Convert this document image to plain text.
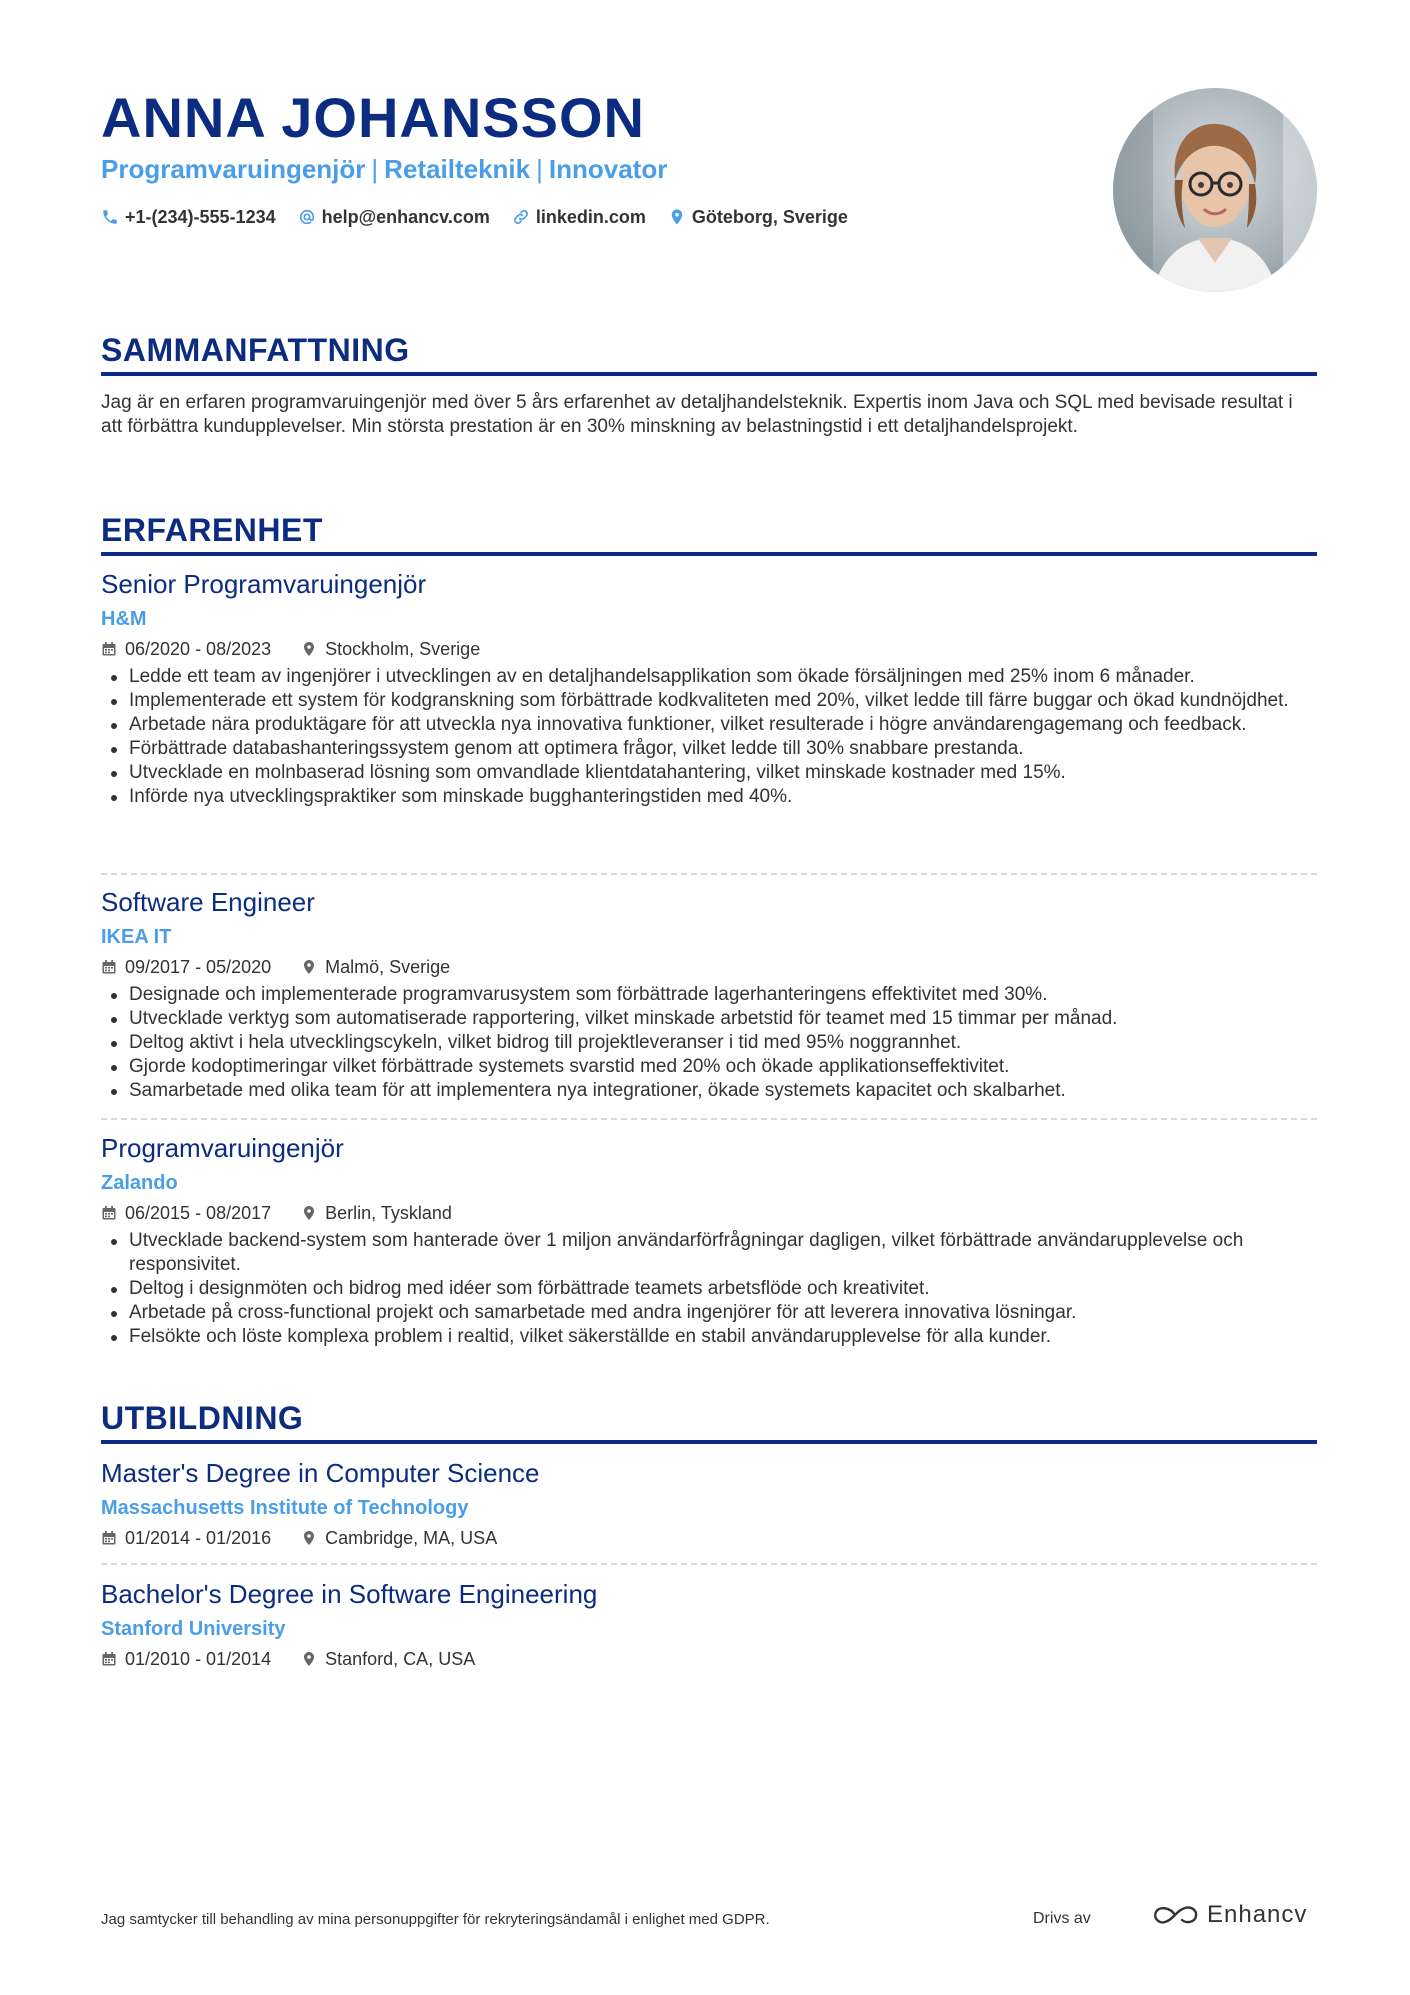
ANNA JOHANSSON
Programvaruingenjör | Retailteknik | Innovator
+1-(234)-555-1234	help@enhancv.com	linkedin.com	Göteborg, Sverige
SAMMANFATTNING
Jag är en erfaren programvaruingenjör med över 5 års erfarenhet av detaljhandelsteknik. Expertis inom Java och SQL med bevisade resultat i att förbättra kundupplevelser. Min största prestation är en 30% minskning av belastningstid i ett detaljhandelsprojekt.
ERFARENHET
Senior Programvaruingenjör
H&M
06/2020 - 08/2023	Stockholm, Sverige
Ledde ett team av ingenjörer i utvecklingen av en detaljhandelsapplikation som ökade försäljningen med 25% inom 6 månader.
Implementerade ett system för kodgranskning som förbättrade kodkvaliteten med 20%, vilket ledde till färre buggar och ökad kundnöjdhet.
Arbetade nära produktägare för att utveckla nya innovativa funktioner, vilket resulterade i högre användarengagemang och feedback.
Förbättrade databashanteringssystem genom att optimera frågor, vilket ledde till 30% snabbare prestanda.
Utvecklade en molnbaserad lösning som omvandlade klientdatahantering, vilket minskade kostnader med 15%.
Införde nya utvecklingspraktiker som minskade bugghanteringstiden med 40%.
Software Engineer
IKEA IT
09/2017 - 05/2020	Malmö, Sverige
Designade och implementerade programvarusystem som förbättrade lagerhanteringens effektivitet med 30%.
Utvecklade verktyg som automatiserade rapportering, vilket minskade arbetstid för teamet med 15 timmar per månad.
Deltog aktivt i hela utvecklingscykeln, vilket bidrog till projektleveranser i tid med 95% noggrannhet.
Gjorde kodoptimeringar vilket förbättrade systemets svarstid med 20% och ökade applikationseffektivitet.
Samarbetade med olika team för att implementera nya integrationer, ökade systemets kapacitet och skalbarhet.
Programvaruingenjör
Zalando
06/2015 - 08/2017	Berlin, Tyskland
Utvecklade backend-system som hanterade över 1 miljon användarförfrågningar dagligen, vilket förbättrade användarupplevelse och responsivitet.
Deltog i designmöten och bidrog med idéer som förbättrade teamets arbetsflöde och kreativitet.
Arbetade på cross-functional projekt och samarbetade med andra ingenjörer för att leverera innovativa lösningar.
Felsökte och löste komplexa problem i realtid, vilket säkerställde en stabil användarupplevelse för alla kunder.
UTBILDNING
Master's Degree in Computer Science
Massachusetts Institute of Technology
01/2014 - 01/2016	Cambridge, MA, USA
Bachelor's Degree in Software Engineering
Stanford University
01/2010 - 01/2014	Stanford, CA, USA
Jag samtycker till behandling av mina personuppgifter för rekryteringsändamål i enlighet med GDPR.	Drivs av	Enhancv
